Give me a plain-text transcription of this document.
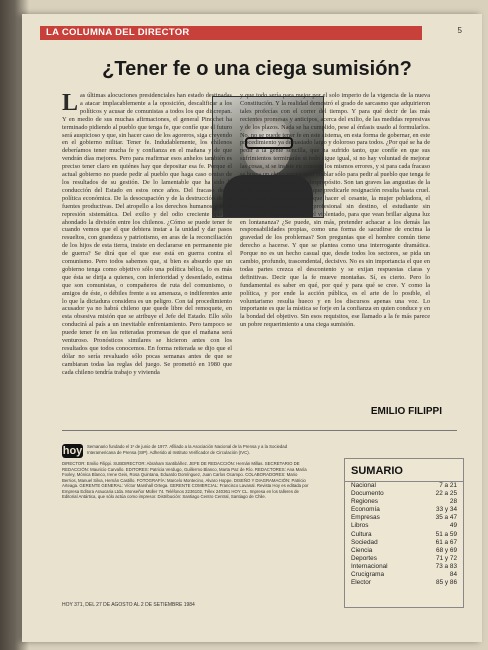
LA COLUMNA DEL DIRECTOR	5
¿Tener fe o una ciega sumisión?
Las últimas alocuciones presidenciales han estado destinadas a atacar implacablemente a la oposición, descalificar a los políticos y acusar de comunistas a todos los que discrepan. Y en medio de sus muchas afirmaciones, el general Pinochet ha terminado pidiendo al pueblo que tenga fe, que confíe que el futuro será auspicioso y que, sin hacer caso de los agoreros, siga creyendo en el gobierno militar. Tener fe. Indudablemente, los chilenos deberíamos tener mucha fe y confianza en el mañana y de que vendrán días mejores. Pero para reafirmar esos anhelos también es preciso tener claro en quiénes hay que depositar esa fe. Porque el actual gobierno no puede pedir al pueblo que haga caso omiso de los resultados de su gestión. De lo lamentable que ha sido la conducción del Estado en estos once años. Del fracaso de la política económica. De la desocupación y de la destrucción de las fuentes productivas. Del atropello a los derechos humanos y de la represión sistemática. Del exilio y del odio creciente que ha ahondado la división entre los chilenos. ¿Cómo se puede tener fe cuando vemos que el que debiera instar a la unidad y dar pasos resueltos, con grandeza y patriotismo, en aras de la reconciliación de los hijos de esta tierra, insiste en declararse en permanente pie de guerra? Se dirá que el que ese está en guerra contra el comunismo. Pero todos sabemos que, si bien es absurdo que un gobierno tenga como objetivo sólo una política bélica, lo es más que ésta se dirija a quienes, con inferioridad y desenfado, estima que son comunistas, o compañeros de ruta del comunismo, o amigos de éste, o débiles frente a su amenaza, o indiferentes ante lo que la dictadura considera es un peligro. Con tal procedimiento acusador ya no habrá chileno que quede libre del remoquete, en esta obsesiva misión que se atribuye el Jefe del Estado. Ello sólo conducirá al país a un inevitable enfrentamiento. Pero tampoco se puede tener fe en las reiteradas promesas de que el mañana será venturoso. Pronósticos similares se hicieron antes con los resultados que todos conocemos. En forma reiterada se dijo que el dólar no sería revaluado sólo pocas semanas antes de que se cambiaran todas las reglas del juego. Se prometió en 1980 que cada chileno tendría trabajo y vivienda
y que todo sería para mejor por el solo imperio de la vigencia de la nueva Constitución. Y la realidad demostró el grado de sarcasmo que adquirieron tales profecías con el correr del tiempo. Y para qué decir de las más recientes promesas y anticipos, acerca del exilio, de las medidas represivas y de los plazos. Nada se ha cumplido, pese al énfasis usado al formularlos. No, no se puede tener fe en este sistema, en esta forma de gobernar, en este procedimiento ya demasiado largo y doloroso para todos. ¿Por qué se ha de pedir a la gente sencilla, que ha sufrido tanto, que confíe en que sus sufrimientos terminarán si todo sigue igual, si no hay voluntad de mejorar las cosas, si se insiste en conocer los mismos errores, y si para cada fracaso se busca un chivo expiatorio? Hablar sólo para pedir al pueblo que tenga fe es, por decir lo menos, un despropósito. Son tan graves las angustias de la gente, es tanto lo que sufre, que predicarle resignación resulta hasta cruel. ¿Qué más sacrificio tienen que hacer el cesante, la mujer pobladora, el trabajador postergado, el profesional sin destino, el estudiante sin horizontes, el perseguido y el violentado, para que vean brillar alguna luz en lontananza? ¿Se puede, sin más, pretender achacar a los demás las responsabilidades propias, como una forma de sacudirse de encima la gravedad de los problemas? Son preguntas que el hombre común tiene derecho a hacerse. Y que se plantea como una interrogante dramática. Porque no es un hecho casual que, desde todos los sectores, se pida un cambio, profundo, trascendental, decisivo. No es sin importancia el que en todas partes crezca el descontento y se exijan respuestas claras y definitivas. Decir que la fe mueve montañas. Sí, es cierto. Pero lo fundamental es saber en qué, por qué y para qué se cree. Y como la política, y por ende la acción pública, es el arte de lo posible, el voluntarismo resulta hueco y en los discursos apenas una voz. Lo importante es que la mística se forje en la confianza en quien conduce y en la bondad del objetivo. Sin esos requisitos, ese llamado a la fe más parece un pobre requerimiento a una ciega sumisión.
EMILIO FILIPPI
hoy Semanario fundado el 1º de junio de 1977. Afiliado a la Asociación Nacional de la Prensa y a la Sociedad Interamericana de Prensa (SIP). Adherido al Instituto Verificador de Circulación (IVC).
DIRECTOR: Emilio Filippi. SUBDIRECTOR: Abraham Santibáñez. JEFE DE REDACCIÓN: Hernán Millas. SECRETARIO DE REDACCIÓN: Mauricio Carvallo. EDITORES: Patricia Verdugo, Guillermo Blanco, Marta Paz de Río. REDACTORES: Ana María Foxley, Mónica Blanco, Irene Geis, Rosa Quintana, Eduardo Domínguez, Juan Carlos Ocampo. COLABORADORES: Mario Berrios, Manuel Silva, Hernán Castillo. FOTOGRAFÍA: Marcelo Montecino, Alvaro Hoppe. DISEÑO Y DIAGRAMACIÓN: Patricio Arteaga. GERENTE GENERAL: Víctor Marshall Ortega. GERENTE COMERCIAL: Francisco Lavanal. Revista Hoy es editada por Empresa Editora Araucaria Ltda. Monseñor Müller 74. Teléfonos 2236102, Télex 240361 HOY CL. Impresa en los talleres de Editorial Antártica, que sólo actúa como impresor. Distribución: Santiago Centro Central, Santiago de Chile.
HOY 371, DEL 27 DE AGOSTO AL 2 DE SETIEMBRE 1984
SUMARIO
Nacional	7 a 21
Documento	22 a 25
Regiones	28
Economía	33 y 34
Empresas	35 a 47
Libros	49
Cultura	51 a 59
Sociedad	61 a 67
Ciencia	68 y 69
Deportes	71 y 72
Internacional	73 a 83
Crucigrama	84
Elector	85 y 86
